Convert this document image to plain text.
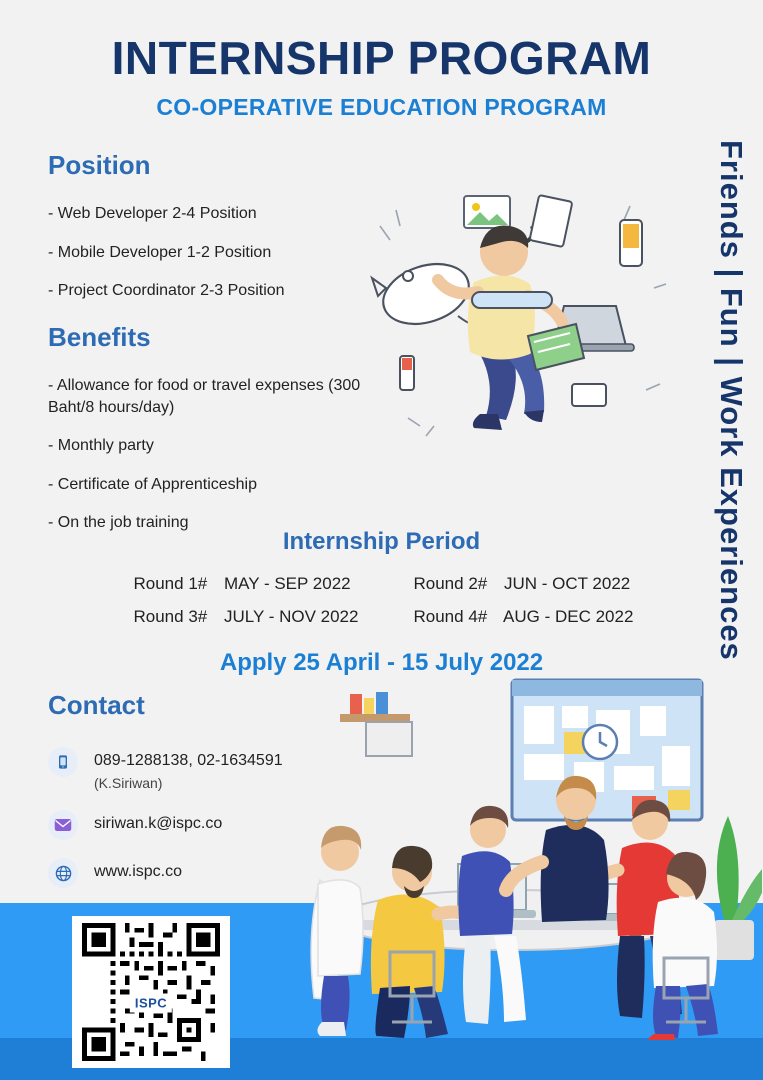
INTERNSHIP PROGRAM
CO-OPERATIVE EDUCATION PROGRAM
Friends | Fun | Work Experiences
Position
- Web Developer 2-4 Position
- Mobile Developer 1-2 Position
- Project Coordinator 2-3 Position
Benefits
- Allowance for food or travel expenses (300 Baht/8 hours/day)
- Monthly party
- Certificate of Apprenticeship
- On the job training
Internship Period
Round 1# MAY - SEP 2022	Round 2# JUN - OCT 2022
Round 3# JULY - NOV 2022	Round 4# AUG - DEC 2022
Apply 25 April - 15 July 2022
Contact
089-1288138, 02-1634591
(K.Siriwan)
siriwan.k@ispc.co
www.ispc.co
ISPC
